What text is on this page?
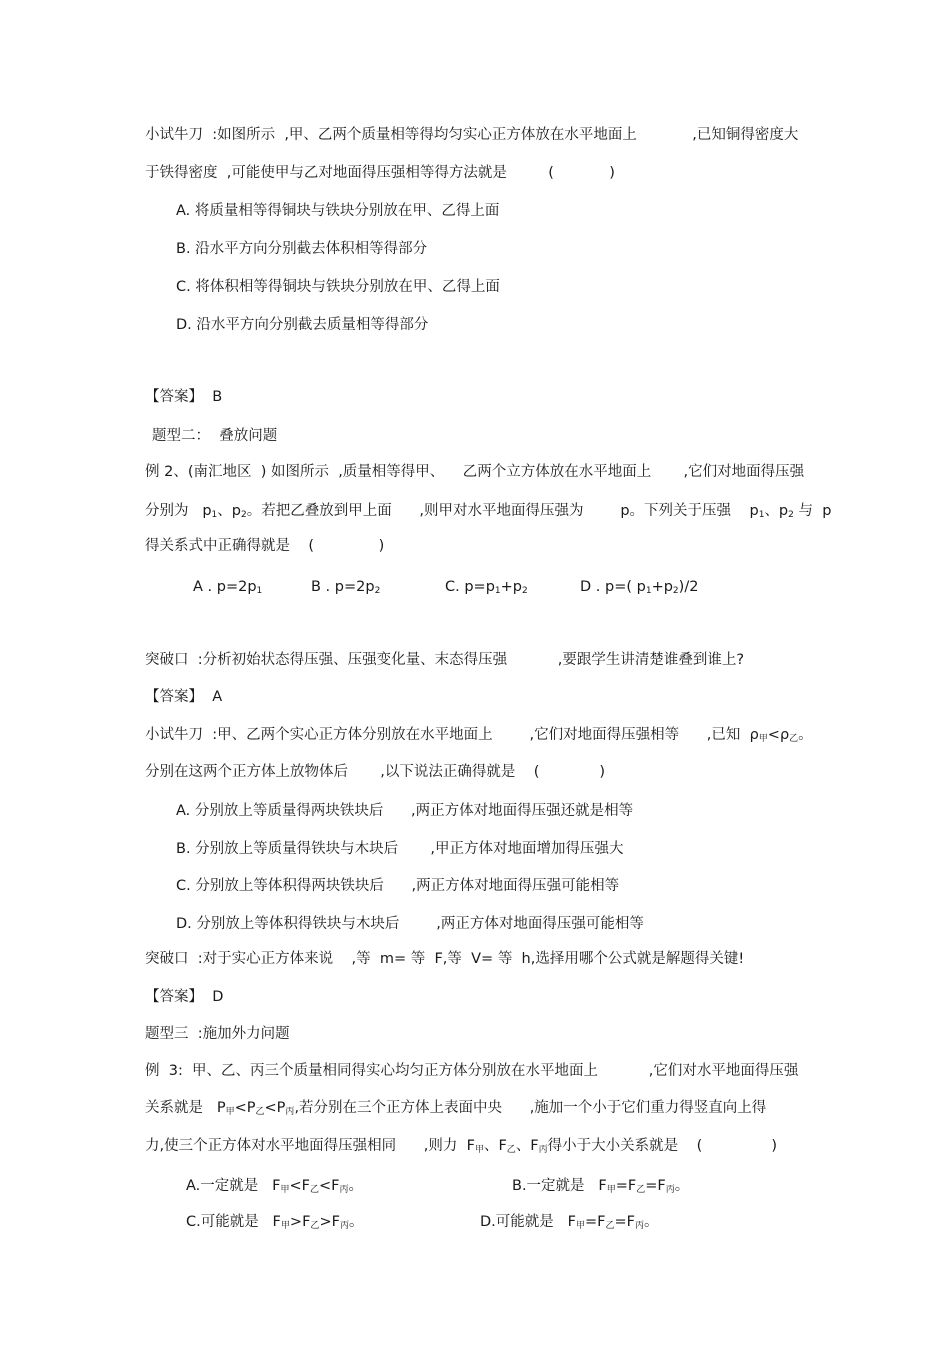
小试牛刀  :如图所示  ,甲、乙两个质量相等得均匀实心正方体放在水平地面上            ,已知铜得密度大
于铁得密度  ,可能使甲与乙对地面得压强相等得方法就是         (            )
A. 将质量相等得铜块与铁块分别放在甲、乙得上面
B. 沿水平方向分别截去体积相等得部分
C. 将体积相等得铜块与铁块分别放在甲、乙得上面
D. 沿水平方向分别截去质量相等得部分
【答案】  B
题型二：  叠放问题
例 2、(南汇地区  ) 如图所示  ,质量相等得甲、    乙两个立方体放在水平地面上       ,它们对地面得压强
分别为   $p_1$、$p_2$。若把乙叠放到甲上面      ,则甲对水平地面得压强为        p。下列关于压强    $p_1$、$p_2$ 与  p
得关系式中正确得就是    (              )
A . $p=2p_1$	B . $p=2p_2$	C. $p=p_1+p_2$	D . p=( $p_1+p_2)/2$
突破口  :分析初始状态得压强、压强变化量、末态得压强           ,要跟学生讲清楚谁叠到谁上?
【答案】  A
小试牛刀  :甲、乙两个实心正方体分别放在水平地面上        ,它们对地面得压强相等      ,已知  $\rho_甲<\rho_乙$。
分别在这两个正方体上放物体后       ,以下说法正确得就是    (             )
A. 分别放上等质量得两块铁块后      ,两正方体对地面得压强还就是相等
B. 分别放上等质量得铁块与木块后       ,甲正方体对地面增加得压强大
C. 分别放上等体积得两块铁块后      ,两正方体对地面得压强可能相等
D. 分别放上等体积得铁块与木块后        ,两正方体对地面得压强可能相等
突破口  :对于实心正方体来说    ,等  m= 等  F,等  V= 等  h,选择用哪个公式就是解题得关键!
【答案】  D
题型三  :施加外力问题
例  3:  甲、乙、丙三个质量相同得实心均匀正方体分别放在水平地面上           ,它们对水平地面得压强
关系就是   $P_甲<P_乙<P_丙$,若分别在三个正方体上表面中央      ,施加一个小于它们重力得竖直向上得
力,使三个正方体对水平地面得压强相同      ,则力  $F_甲$、$F_乙$、$F_丙$得小于大小关系就是    (               )
A.一定就是   $F_甲<F_乙<F_丙$。	B.一定就是   $F_甲=F_乙=F_丙$。
C.可能就是   $F_甲>F_乙>F_丙$。	D.可能就是   $F_甲=F_乙=F_丙$。
